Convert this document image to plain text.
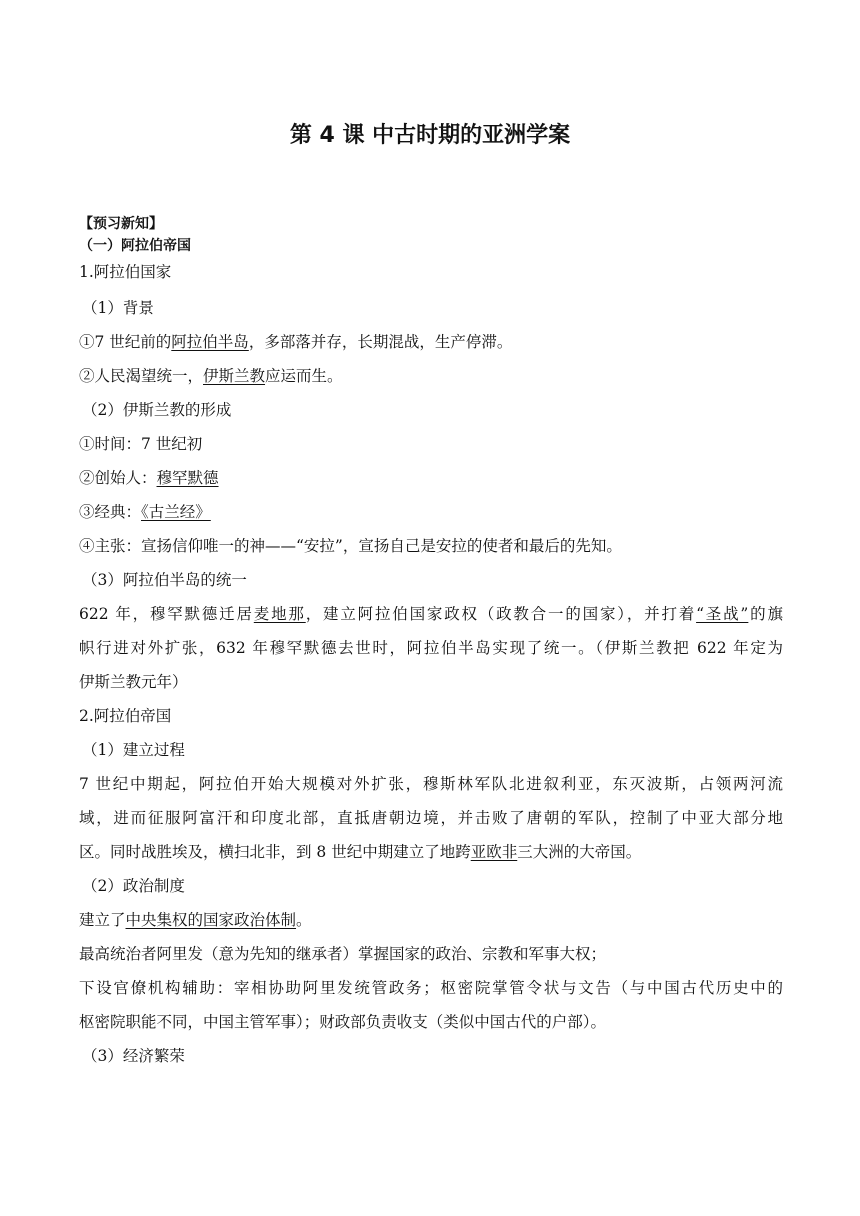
第 4 课 中古时期的亚洲学案
【预习新知】
（一）阿拉伯帝国
1.阿拉伯国家
（1）背景
①7 世纪前的阿拉伯半岛，多部落并存，长期混战，生产停滞。
②人民渴望统一，伊斯兰教应运而生。
（2）伊斯兰教的形成
①时间：7 世纪初
②创始人：穆罕默德
③经典：《古兰经》
④主张：宣扬信仰唯一的神——“安拉”，宣扬自己是安拉的使者和最后的先知。
（3）阿拉伯半岛的统一
622 年，穆罕默德迁居麦地那，建立阿拉伯国家政权（政教合一的国家），并打着“圣战”的旗
帜行进对外扩张，632 年穆罕默德去世时，阿拉伯半岛实现了统一。（伊斯兰教把 622 年定为
伊斯兰教元年）
2.阿拉伯帝国
（1）建立过程
7 世纪中期起，阿拉伯开始大规模对外扩张，穆斯林军队北进叙利亚，东灭波斯，占领两河流
域，进而征服阿富汗和印度北部，直抵唐朝边境，并击败了唐朝的军队，控制了中亚大部分地
区。同时战胜埃及，横扫北非，到 8 世纪中期建立了地跨亚欧非三大洲的大帝国。
（2）政治制度
建立了中央集权的国家政治体制。
最高统治者阿里发（意为先知的继承者）掌握国家的政治、宗教和军事大权；
下设官僚机构辅助：宰相协助阿里发统管政务；枢密院掌管令状与文告（与中国古代历史中的
枢密院职能不同，中国主管军事）；财政部负责收支（类似中国古代的户部）。
（3）经济繁荣
